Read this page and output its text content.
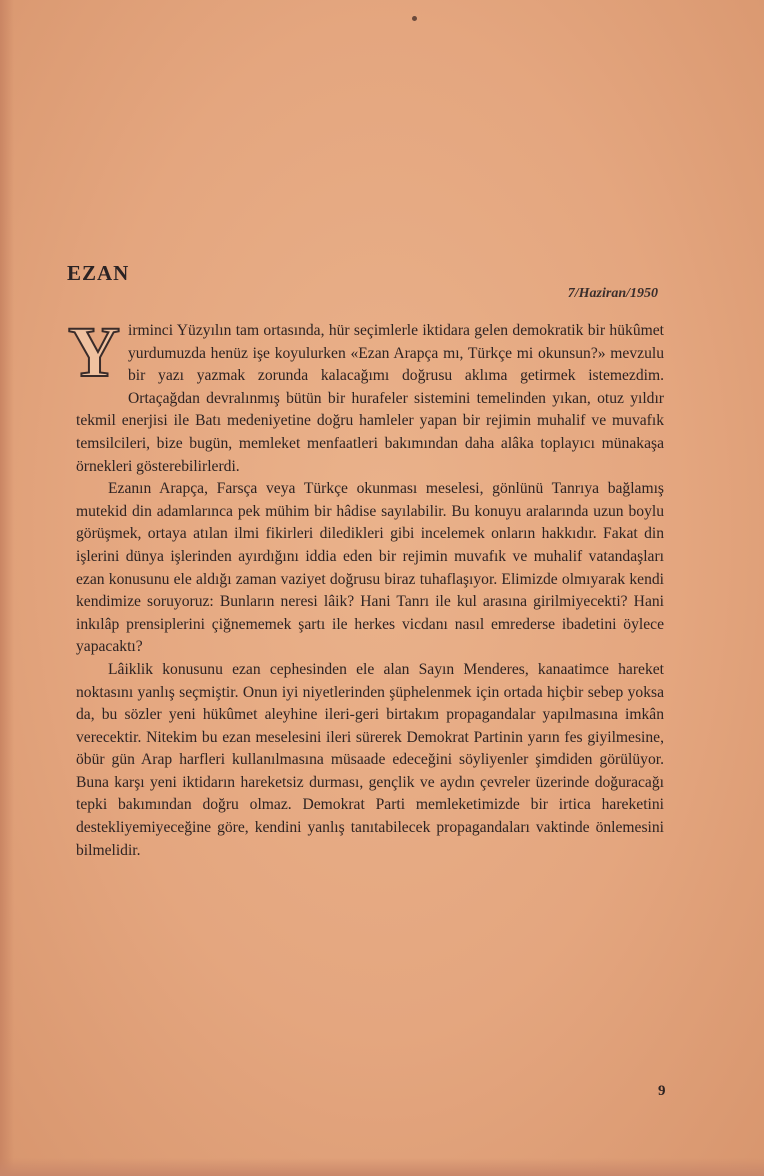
EZAN
7/Haziran/1950

Yirminci Yüzyılın tam ortasında, hür seçimlerle iktidara gelen demokratik bir hükûmet yurdumuzda henüz işe koyulurken «Ezan Arapça mı, Türkçe mi okunsun?» mevzulu bir yazı yazmak zorunda kalacağımı doğrusu aklıma getirmek istemezdim. Ortaçağdan devralınmış bütün bir hurafeler sistemini temelinden yıkan, otuz yıldır tekmil enerjisi ile Batı medeniyetine doğru hamleler yapan bir rejimin muhalif ve muvafık temsilcileri, bize bugün, memleket menfaatleri bakımından daha alâka toplayıcı münakaşa örnekleri gösterebilirlerdi.

Ezanın Arapça, Farsça veya Türkçe okunması meselesi, gönlünü Tanrıya bağlamış mutekid din adamlarınca pek mühim bir hâdise sayılabilir. Bu konuyu aralarında uzun boylu görüşmek, ortaya atılan ilmi fikirleri diledikleri gibi incelemek onların hakkıdır. Fakat din işlerini dünya işlerinden ayırdığını iddia eden bir rejimin muvafık ve muhalif vatandaşları ezan konusunu ele aldığı zaman vaziyet doğrusu biraz tuhaflaşıyor. Elimizde olmıyarak kendi kendimize soruyoruz: Bunların neresi lâik? Hani Tanrı ile kul arasına girilmiyecekti? Hani inkılâp prensiplerini çiğnememek şartı ile herkes vicdanı nasıl emrederse ibadetini öylece yapacaktı?

Lâiklik konusunu ezan cephesinden ele alan Sayın Menderes, kanaatimce hareket noktasını yanlış seçmiştir. Onun iyi niyetlerinden şüphelenmek için ortada hiçbir sebep yoksa da, bu sözler yeni hükûmet aleyhine ileri-geri birtakım propagandalar yapılmasına imkân verecektir. Nitekim bu ezan meselesini ileri sürerek Demokrat Partinin yarın fes giyilmesine, öbür gün Arap harfleri kullanılmasına müsaade edeceğini söyliyenler şimdiden görülüyor. Buna karşı yeni iktidarın hareketsiz durması, gençlik ve aydın çevreler üzerinde doğuracağı tepki bakımından doğru olmaz. Demokrat Parti memleketimizde bir irtica hareketini destekliyemiyeceğine göre, kendini yanlış tanıtabilecek propagandaları vaktinde önlemesini bilmelidir.

9
